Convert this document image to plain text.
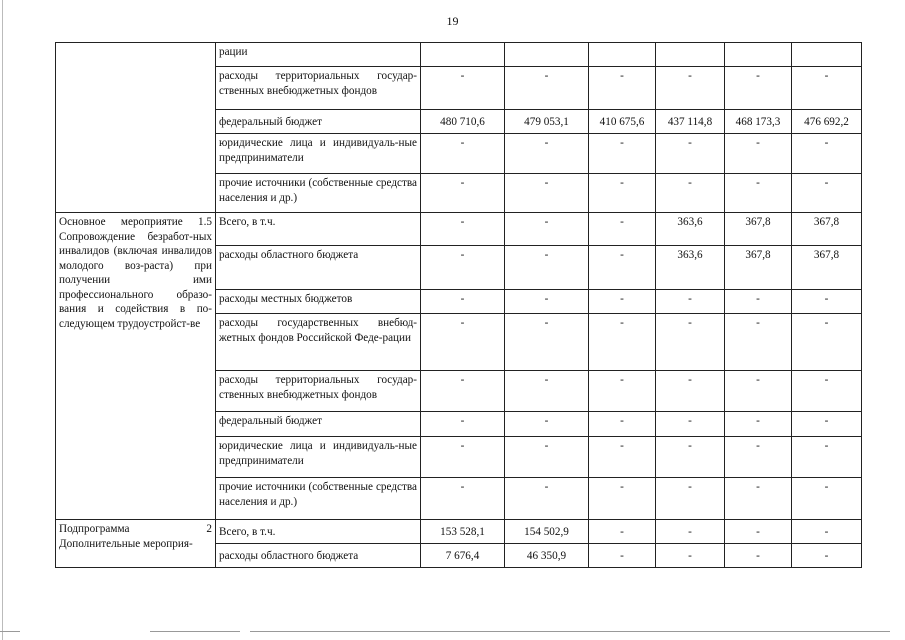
19
	рации						
	расходы территориальных государ-ственных внебюджетных фондов	-	-	-	-	-	-
	федеральный бюджет	480 710,6	479 053,1	410 675,6	437 114,8	468 173,3	476 692,2
	юридические лица и индивидуаль-ные предприниматели	-	-	-	-	-	-
	прочие источники (собственные средства населения и др.)	-	-	-	-	-	-
Основное мероприятие 1.5 Сопровождение безработ-ных инвалидов (включая инвалидов молодого воз-раста) при получении ими профессионального образо-вания и содействия в по-следующем трудоустройст-ве	Всего, в т.ч.	-	-	-	363,6	367,8	367,8
	расходы областного бюджета	-	-	-	363,6	367,8	367,8
	расходы местных бюджетов	-	-	-	-	-	-
	расходы государственных внебюд-жетных фондов Российской Феде-рации	-	-	-	-	-	-
	расходы территориальных государ-ственных внебюджетных фондов	-	-	-	-	-	-
	федеральный бюджет	-	-	-	-	-	-
	юридические лица и индивидуаль-ные предприниматели	-	-	-	-	-	-
	прочие источники (собственные средства населения и др.)	-	-	-	-	-	-
Подпрограмма 2 Дополнительные мероприя-	Всего, в т.ч.	153 528,1	154 502,9	-	-	-	-
	расходы областного бюджета	7 676,4	46 350,9	-	-	-	-
